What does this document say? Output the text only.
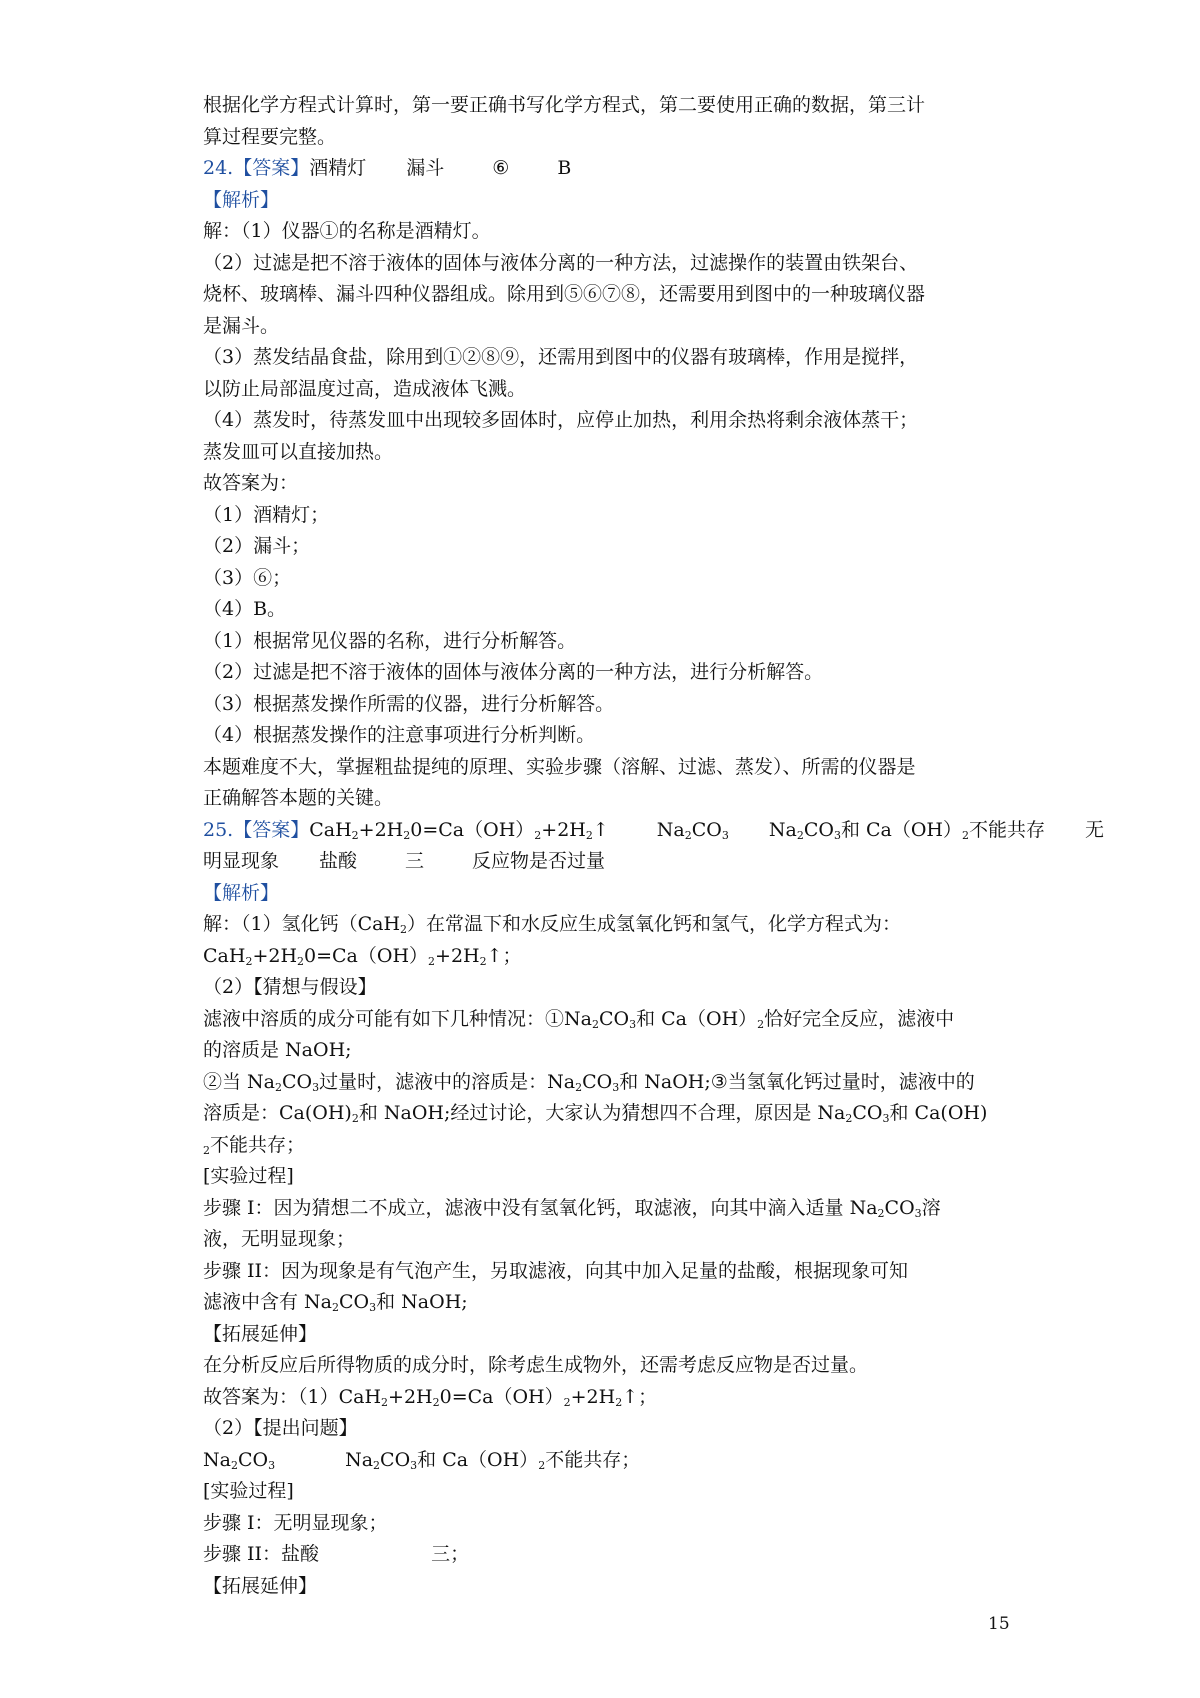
根据化学方程式计算时，第一要正确书写化学方程式，第二要使用正确的数据，第三计
算过程要完整。
24.【答案】酒精灯 漏斗	⑥	B
【解析】
解：（1）仪器①的名称是酒精灯。
（2）过滤是把不溶于液体的固体与液体分离的一种方法，过滤操作的装置由铁架台、
烧杯、玻璃棒、漏斗四种仪器组成。除用到⑤⑥⑦⑧，还需要用到图中的一种玻璃仪器
是漏斗。
（3）蒸发结晶食盐，除用到①②⑧⑨，还需用到图中的仪器有玻璃棒，作用是搅拌，
以防止局部温度过高，造成液体飞溅。
（4）蒸发时，待蒸发皿中出现较多固体时，应停止加热，利用余热将剩余液体蒸干；
蒸发皿可以直接加热。
故答案为：
（1）酒精灯；
（2）漏斗；
（3）⑥；
（4）B。
（1）根据常见仪器的名称，进行分析解答。
（2）过滤是把不溶于液体的固体与液体分离的一种方法，进行分析解答。
（3）根据蒸发操作所需的仪器，进行分析解答。
（4）根据蒸发操作的注意事项进行分析判断。
本题难度不大，掌握粗盐提纯的原理、实验步骤（溶解、过滤、蒸发）、所需的仪器是
正确解答本题的关键。
25.【答案】$CaH_2+2H_20=Ca(OH)_2+2H_2↑$	$Na_2CO_3$ $Na_2CO_3$和 $Ca(OH)_2$不能共存 无
明显现象 盐酸	三	反应物是否过量
【解析】
解：（1）氢化钙（CaH$_2$）在常温下和水反应生成氢氧化钙和氢气，化学方程式为：
$CaH_2+2H_20=Ca(OH)_2+2H_2↑$；
（2）【猜想与假设】
滤液中溶质的成分可能有如下几种情况：$①Na_2CO_3$和 $Ca(OH)_2$恰好完全反应，滤液中
的溶质是 NaOH;
②当 $Na_2CO_3$过量时，滤液中的溶质是：$Na_2CO_3$和 NaOH;③当氢氧化钙过量时，滤液中的
溶质是：$Ca(OH)_2$和 NaOH;经过讨论，大家认为猜想四不合理，原因是 $Na_2CO_3$和 Ca(OH)
$_2$不能共存；
[实验过程]
步骤 I：因为猜想二不成立，滤液中没有氢氧化钙，取滤液，向其中滴入适量 $Na_2CO_3$溶
液，无明显现象；
步骤 II：因为现象是有气泡产生，另取滤液，向其中加入足量的盐酸，根据现象可知
滤液中含有 $Na_2CO_3$和 NaOH;
【拓展延伸】
在分析反应后所得物质的成分时，除考虑生成物外，还需考虑反应物是否过量。
故答案为：$(1)CaH_2+2H_20=Ca(OH)_2+2H_2↑$；
（2）【提出问题】
$Na_2CO_3$	$Na_2CO_3$和 $Ca(OH)_2$不能共存；
[实验过程]
步骤 I：无明显现象；
步骤 II：盐酸	三；
【拓展延伸】
15
